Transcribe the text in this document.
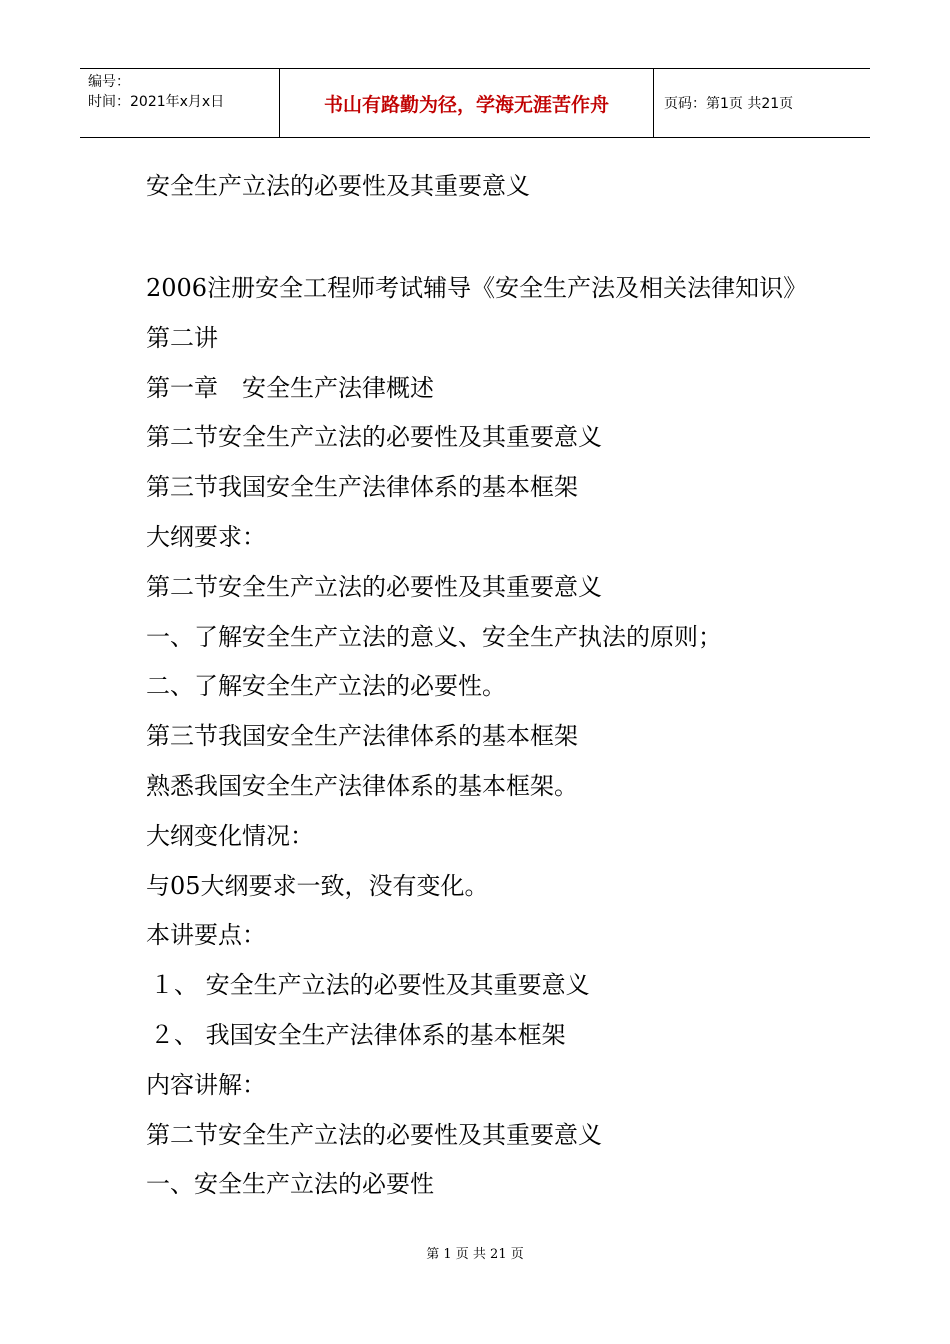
编号：
时间：2021年x月x日	书山有路勤为径，学海无涯苦作舟	页码：第1页 共21页
安全生产立法的必要性及其重要意义

2006注册安全工程师考试辅导《安全生产法及相关法律知识》　第二讲

第一章　安全生产法律概述

第二节安全生产立法的必要性及其重要意义

第三节我国安全生产法律体系的基本框架

大纲要求：

第二节安全生产立法的必要性及其重要意义

一、了解安全生产立法的意义、安全生产执法的原则；

二、了解安全生产立法的必要性。

第三节我国安全生产法律体系的基本框架

熟悉我国安全生产法律体系的基本框架。

大纲变化情况：

与05大纲要求一致，没有变化。

本讲要点：

１、 安全生产立法的必要性及其重要意义

２、 我国安全生产法律体系的基本框架

内容讲解：

第二节安全生产立法的必要性及其重要意义

一、安全生产立法的必要性

第 1 页 共 21 页
